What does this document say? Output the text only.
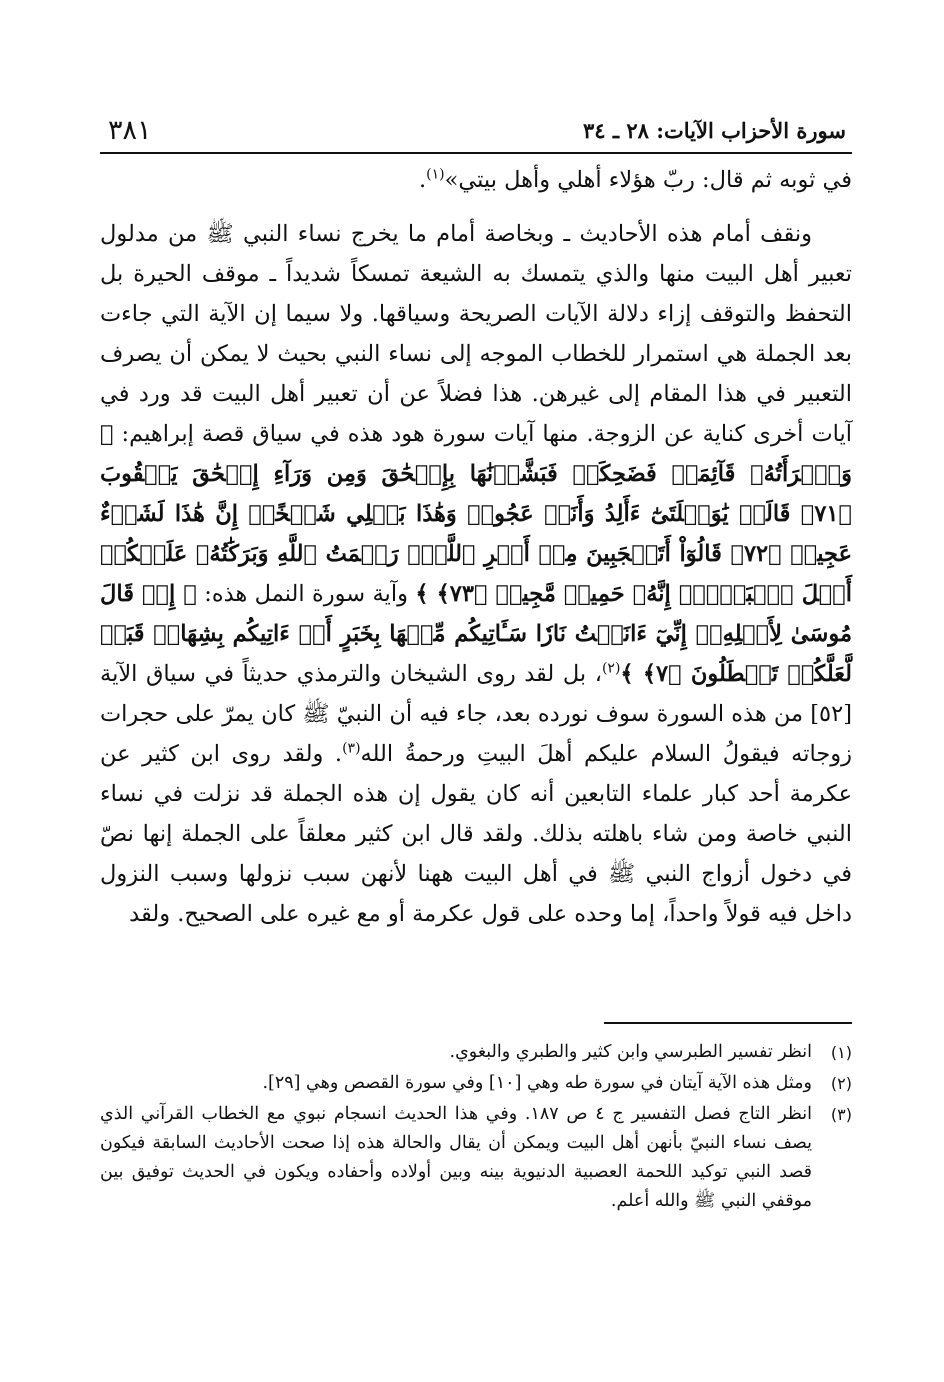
٣٨١	سورة الأحزاب الآيات: ٢٨ ـ ٣٤

في ثوبه ثم قال: ربّ هؤلاء أهلي وأهل بيتي»$^{(١)}$.

ونقف أمام هذه الأحاديث ـ وبخاصة أمام ما يخرج نساء النبي ﷺ من مدلول تعبير أهل البيت منها والذي يتمسك به الشيعة تمسكاً شديداً ـ موقف الحيرة بل التحفظ والتوقف إزاء دلالة الآيات الصريحة وسياقها. ولا سيما إن الآية التي جاءت بعد الجملة هي استمرار للخطاب الموجه إلى نساء النبي بحيث لا يمكن أن يصرف التعبير في هذا المقام إلى غيرهن. هذا فضلاً عن أن تعبير أهل البيت قد ورد في آيات أخرى كناية عن الزوجة. منها آيات سورة هود هذه في سياق قصة إبراهيم: ﴿ وَٱمۡرَأَتُهُۥ قَآئِمَةٞ فَضَحِكَتۡ فَبَشَّرۡنَٰهَا بِإِسۡحَٰقَ وَمِن وَرَآءِ إِسۡحَٰقَ يَعۡقُوبَ ﴿٧١﴾ قَالَتۡ يَٰوَيۡلَتَىٰٓ ءَأَلِدُ وَأَنَا۠ عَجُوزٞ وَهَٰذَا بَعۡلِي شَيۡخًاۖ إِنَّ هَٰذَا لَشَيۡءٌ عَجِيبٞ ﴿٧٢﴾ قَالُوٓاْ أَتَعۡجَبِينَ مِنۡ أَمۡرِ ٱللَّهِۖ رَحۡمَتُ ٱللَّهِ وَبَرَكَٰتُهُۥ عَلَيۡكُمۡ أَهۡلَ ٱلۡبَيۡتِۚ إِنَّهُۥ حَمِيدٞ مَّجِيدٞ ﴿٧٣﴾ ﴾ وآية سورة النمل هذه: ﴿ إِذۡ قَالَ مُوسَىٰ لِأَهۡلِهِۦٓ إِنِّيٓ ءَانَسۡتُ نَارٗا سَـَٔاتِيكُم مِّنۡهَا بِخَبَرٍ أَوۡ ءَاتِيكُم بِشِهَابٖ قَبَسٖ لَّعَلَّكُمۡ تَصۡطَلُونَ ﴿٧﴾ ﴾$^{(٢)}$، بل لقد روى الشيخان والترمذي حديثاً في سياق الآية [٥٢] من هذه السورة سوف نورده بعد، جاء فيه أن النبيّ ﷺ كان يمرّ على حجرات زوجاته فيقولُ السلام عليكم أهلَ البيتِ ورحمةُ الله$^{(٣)}$. ولقد روى ابن كثير عن عكرمة أحد كبار علماء التابعين أنه كان يقول إن هذه الجملة قد نزلت في نساء النبي خاصة ومن شاء باهلته بذلك. ولقد قال ابن كثير معلقاً على الجملة إنها نصّ في دخول أزواج النبي ﷺ في أهل البيت ههنا لأنهن سبب نزولها وسبب النزول داخل فيه قولاً واحداً، إما وحده على قول عكرمة أو مع غيره على الصحيح. ولقد

(١)
انظر تفسير الطبرسي وابن كثير والطبري والبغوي.
(٢)
ومثل هذه الآية آيتان في سورة طه وهي [١٠] وفي سورة القصص وهي [٢٩].
(٣)
انظر التاج فصل التفسير ج ٤ ص ١٨٧. وفي هذا الحديث انسجام نبوي مع الخطاب القرآني الذي يصف نساء النبيّ بأنهن أهل البيت ويمكن أن يقال والحالة هذه إذا صحت الأحاديث السابقة فيكون قصد النبي توكيد اللحمة العصبية الدنيوية بينه وبين أولاده وأحفاده ويكون في الحديث توفيق بين موقفي النبي ﷺ والله أعلم.
